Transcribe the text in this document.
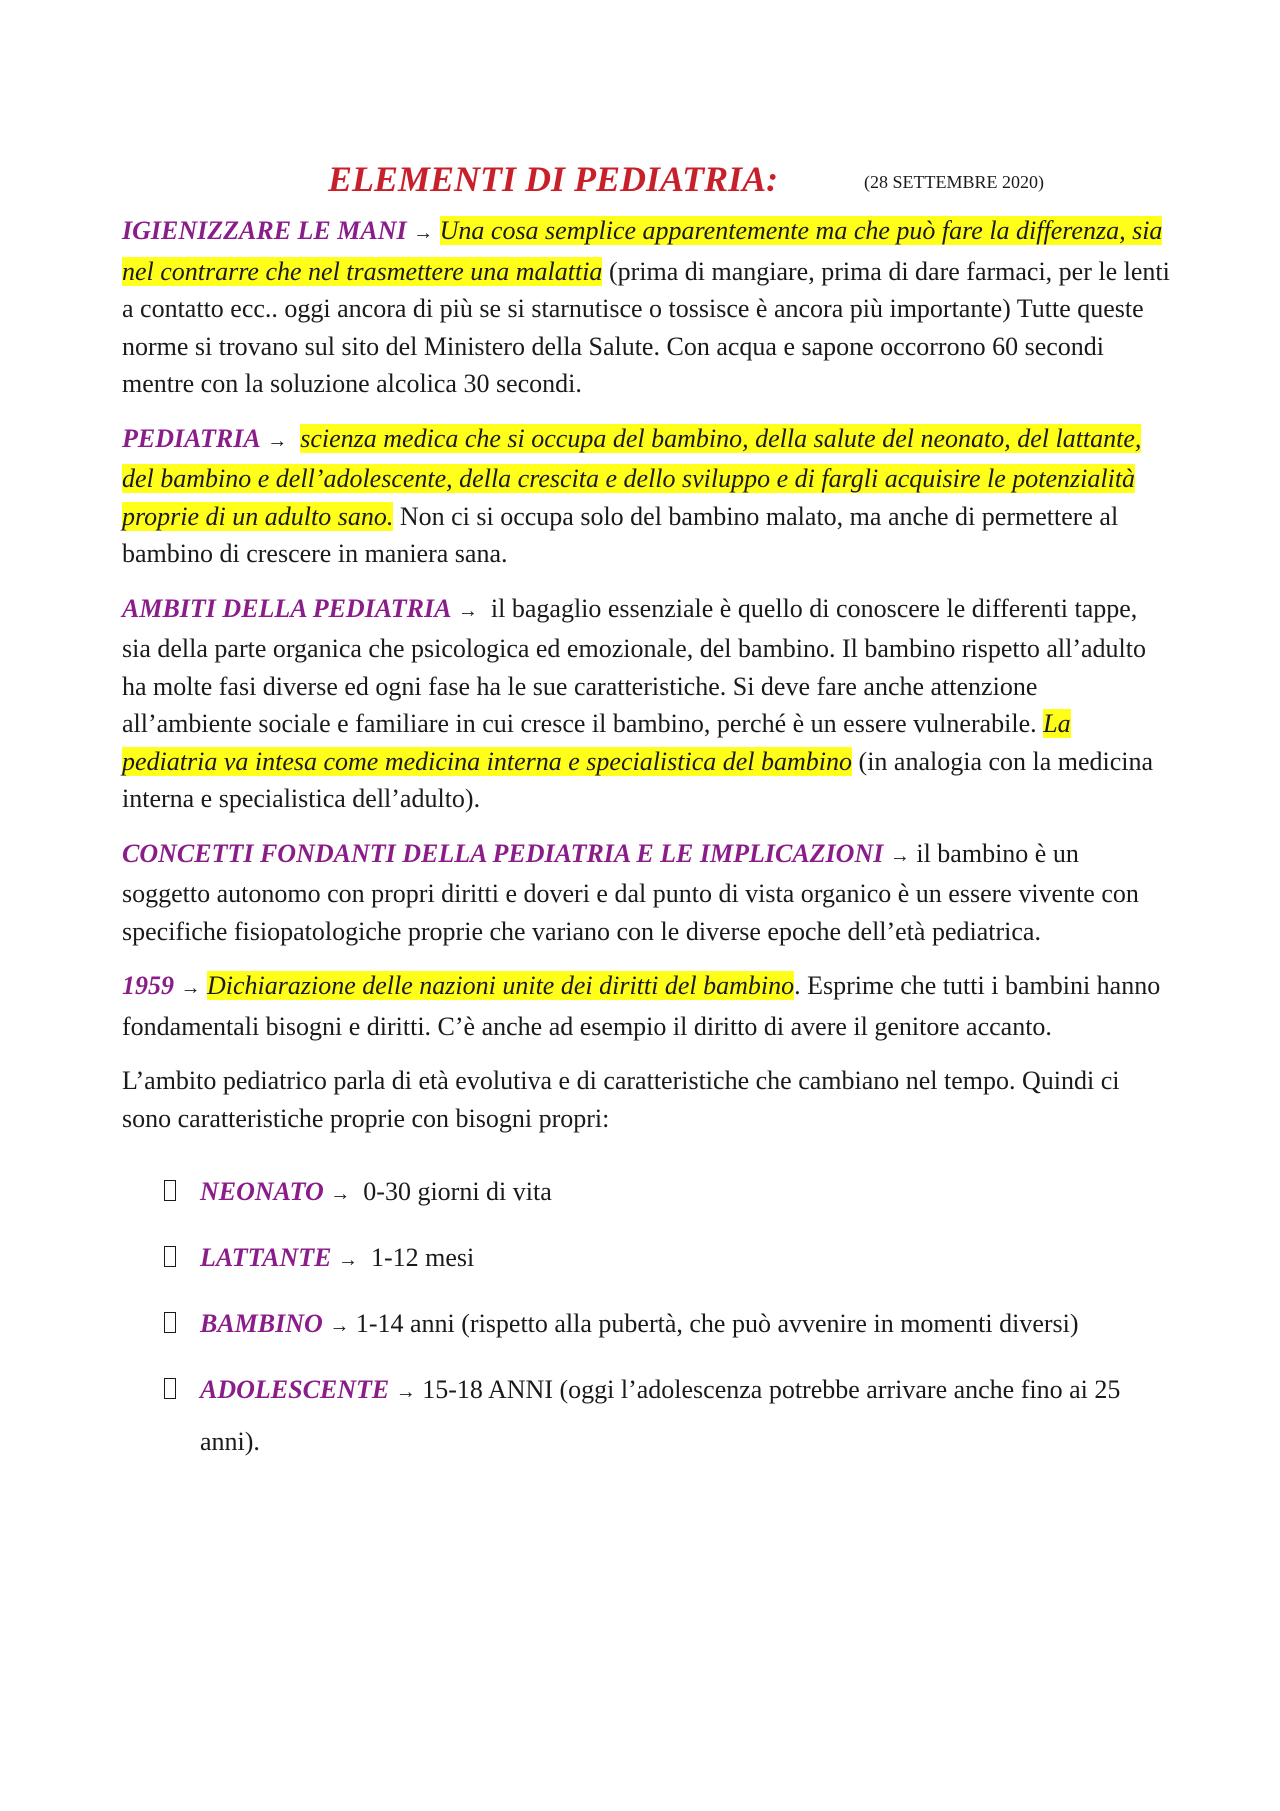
ELEMENTI DI PEDIATRIA:	(28 SETTEMBRE 2020)

IGIENIZZARE LE MANI → Una cosa semplice apparentemente ma che può fare la differenza, sia nel contrarre che nel trasmettere una malattia (prima di mangiare, prima di dare farmaci, per le lenti a contatto ecc.. oggi ancora di più se si starnutisce o tossisce è ancora più importante) Tutte queste norme si trovano sul sito del Ministero della Salute. Con acqua e sapone occorrono 60 secondi mentre con la soluzione alcolica 30 secondi.

PEDIATRIA → scienza medica che si occupa del bambino, della salute del neonato, del lattante, del bambino e dell’adolescente, della crescita e dello sviluppo e di fargli acquisire le potenzialità proprie di un adulto sano. Non ci si occupa solo del bambino malato, ma anche di permettere al bambino di crescere in maniera sana.

AMBITI DELLA PEDIATRIA → il bagaglio essenziale è quello di conoscere le differenti tappe, sia della parte organica che psicologica ed emozionale, del bambino. Il bambino rispetto all’adulto ha molte fasi diverse ed ogni fase ha le sue caratteristiche. Si deve fare anche attenzione all’ambiente sociale e familiare in cui cresce il bambino, perché è un essere vulnerabile. La pediatria va intesa come medicina interna e specialistica del bambino (in analogia con la medicina interna e specialistica dell’adulto).

CONCETTI FONDANTI DELLA PEDIATRIA E LE IMPLICAZIONI → il bambino è un soggetto autonomo con propri diritti e doveri e dal punto di vista organico è un essere vivente con specifiche fisiopatologiche proprie che variano con le diverse epoche dell’età pediatrica.

1959 → Dichiarazione delle nazioni unite dei diritti del bambino. Esprime che tutti i bambini hanno fondamentali bisogni e diritti. C’è anche ad esempio il diritto di avere il genitore accanto.

L’ambito pediatrico parla di età evolutiva e di caratteristiche che cambiano nel tempo. Quindi ci sono caratteristiche proprie con bisogni propri:

NEONATO → 0-30 giorni di vita
LATTANTE → 1-12 mesi
BAMBINO → 1-14 anni (rispetto alla pubertà, che può avvenire in momenti diversi)
ADOLESCENTE → 15-18 ANNI (oggi l’adolescenza potrebbe arrivare anche fino ai 25 anni).
